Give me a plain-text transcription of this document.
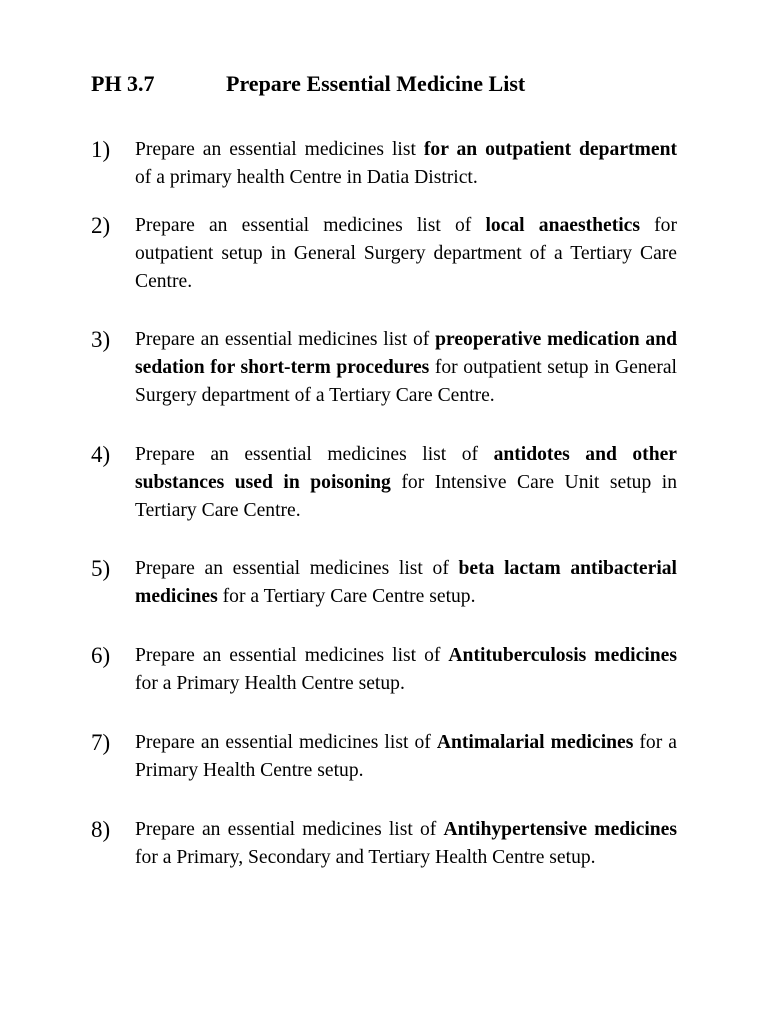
PH 3.7	Prepare Essential Medicine List
1) Prepare an essential medicines list for an outpatient department
of a primary health Centre in Datia District.
2) Prepare an essential medicines list of local anaesthetics for
outpatient setup in General Surgery department of a Tertiary Care
Centre.
3) Prepare an essential medicines list of preoperative medication and
sedation for short-term procedures for outpatient setup in General
Surgery department of a Tertiary Care Centre.
4) Prepare an essential medicines list of antidotes and other
substances used in poisoning for Intensive Care Unit setup in
Tertiary Care Centre.
5) Prepare an essential medicines list of beta lactam antibacterial
medicines for a Tertiary Care Centre setup.
6) Prepare an essential medicines list of Antituberculosis medicines
for a Primary Health Centre setup.
7) Prepare an essential medicines list of Antimalarial medicines for a
Primary Health Centre setup.
8) Prepare an essential medicines list of Antihypertensive medicines
for a Primary, Secondary and Tertiary Health Centre setup.
